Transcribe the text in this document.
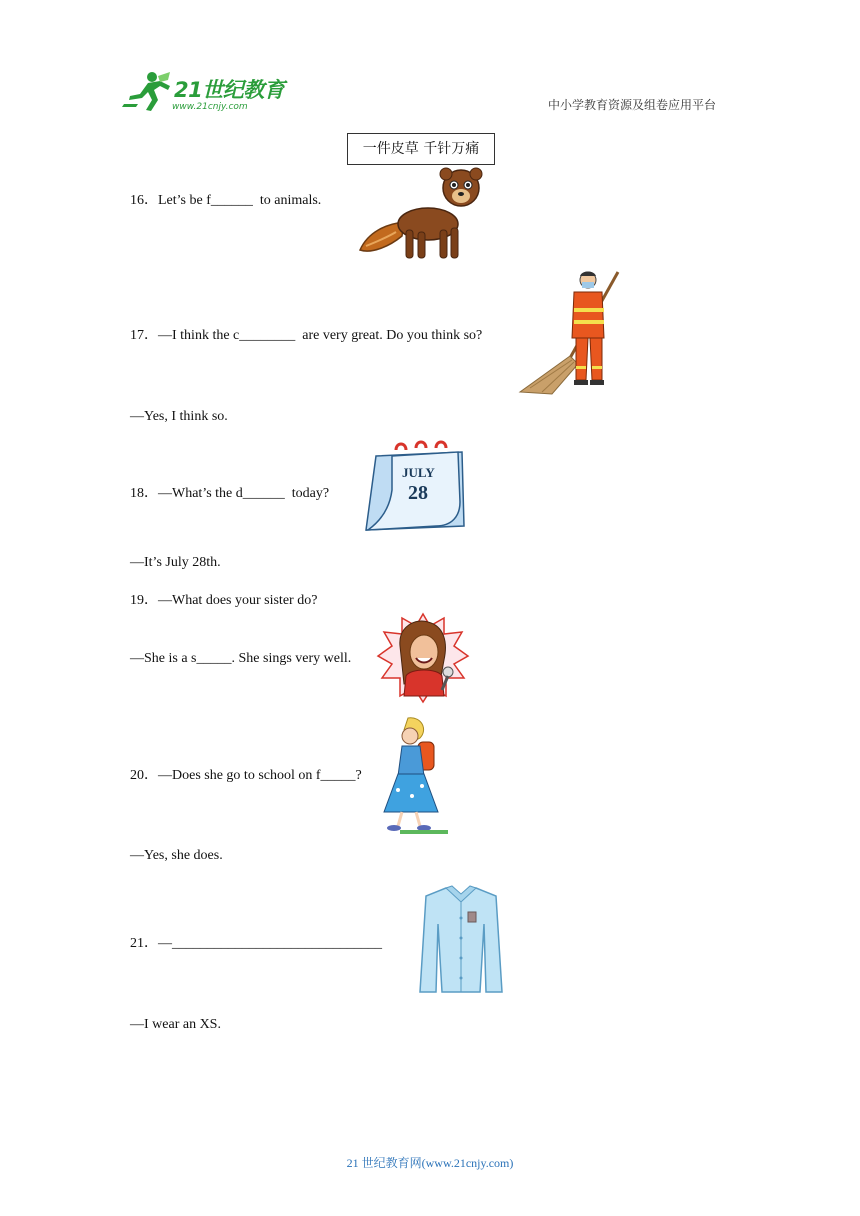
21世纪教育
www.21cnjy.com	中小学教育资源及组卷应用平台
一件皮草 千针万痛
16．Let’s be f______  to animals.
17．—I think the c________  are very great. Do you think so?
—Yes, I think so.
18．—What’s the d______  today?
—It’s July 28th.
JULY
28
19．—What does your sister do?
—She is a s_____. She sings very well.
20．—Does she go to school on f_____?
—Yes, she does.
21．—______________________________
—I wear an XS.
21 世纪教育网(www.21cnjy.com)
